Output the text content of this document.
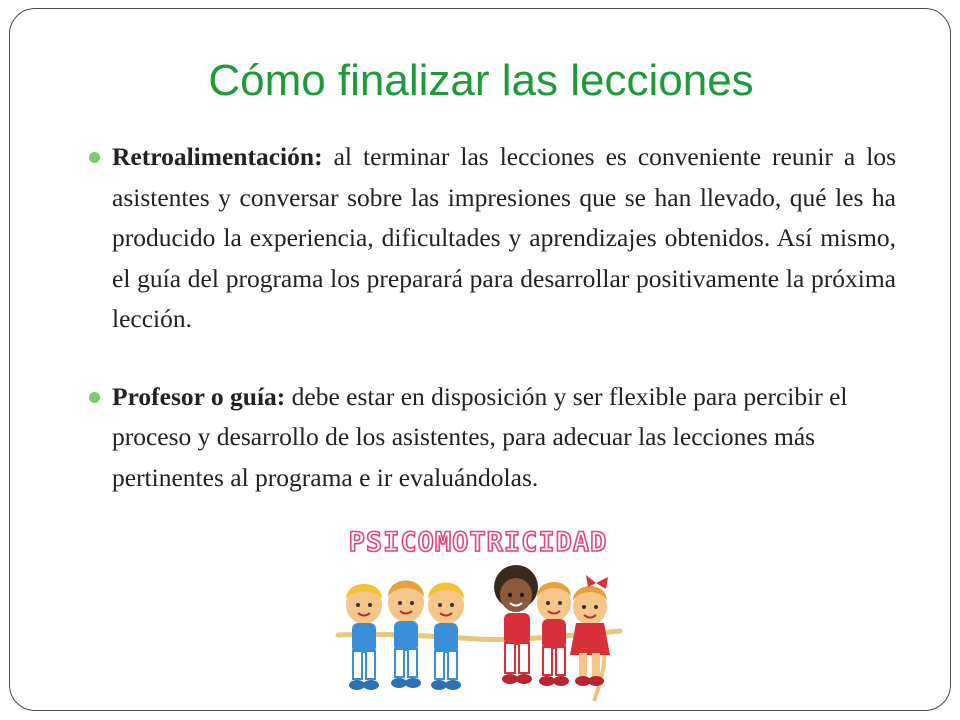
Cómo finalizar las lecciones
Retroalimentación: al terminar las lecciones es conveniente reunir a los asistentes y conversar sobre las impresiones que se han llevado, qué les ha producido la experiencia, dificultades y aprendizajes obtenidos. Así mismo, el guía del programa los preparará para desarrollar positivamente la próxima lección.
Profesor o guía: debe estar en disposición y ser flexible para percibir el proceso y desarrollo de los asistentes, para adecuar las lecciones más pertinentes al programa e ir evaluándolas.
PSICOMOTRICIDAD
